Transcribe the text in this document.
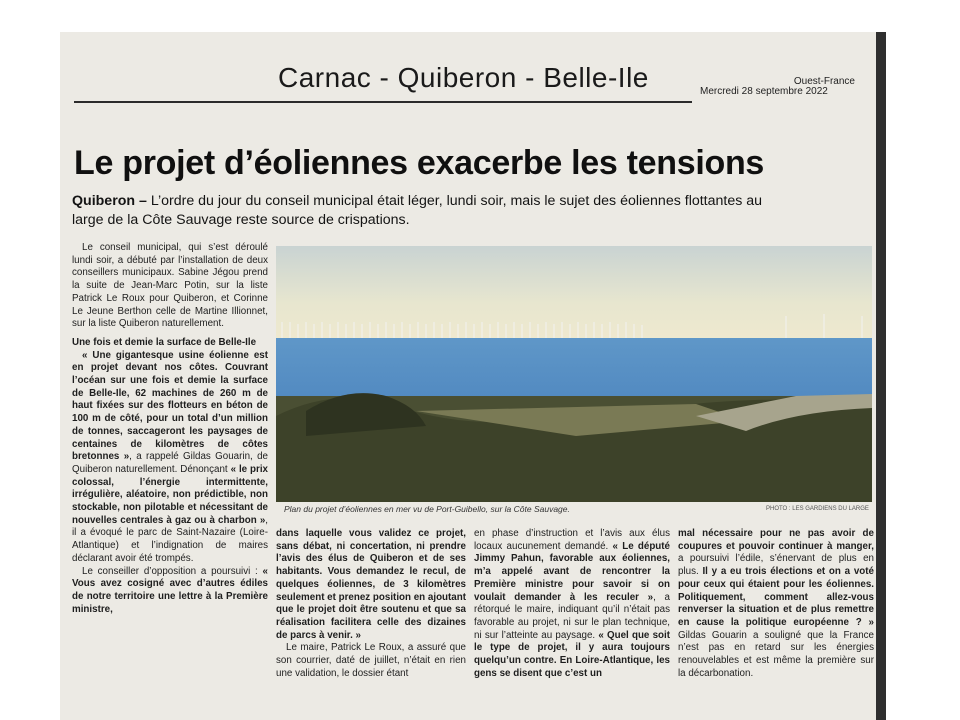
Carnac - Quiberon - Belle-Ile	Ouest-France
Mercredi 28 septembre 2022
Le projet d’éoliennes exacerbe les tensions
Quiberon – L’ordre du jour du conseil municipal était léger, lundi soir, mais le sujet des éoliennes flottantes au large de la Côte Sauvage reste source de crispations.

Le conseil municipal, qui s’est déroulé lundi soir, a débuté par l’installation de deux conseillers municipaux. Sabine Jégou prend la suite de Jean-Marc Potin, sur la liste Patrick Le Roux pour Quiberon, et Corinne Le Jeune Berthon celle de Martine Illionnet, sur la liste Quiberon naturellement.

Une fois et demie la surface de Belle-Ile

« Une gigantesque usine éolienne est en projet devant nos côtes. Couvrant l’océan sur une fois et demie la surface de Belle-Ile, 62 machines de 260 m de haut fixées sur des flotteurs en béton de 100 m de côté, pour un total d’un million de tonnes, saccageront les paysages de centaines de kilomètres de côtes bretonnes », a rappelé Gildas Gouarin, de Quiberon naturellement. Dénonçant « le prix colossal, l’énergie intermittente, irrégulière, aléatoire, non prédictible, non stockable, non pilotable et nécessitant de nouvelles centrales à gaz ou à charbon », il a évoqué le parc de Saint-Nazaire (Loire-Atlantique) et l’indignation de maires déclarant avoir été trompés.

Le conseiller d’opposition a poursuivi : « Vous avez cosigné avec d’autres édiles de notre territoire une lettre à la Première ministre,

Plan du projet d’éoliennes en mer vu de Port-Guibello, sur la Côte Sauvage.	PHOTO : LES GARDIENS DU LARGE

dans laquelle vous validez ce projet, sans débat, ni concertation, ni prendre l’avis des élus de Quiberon et de ses habitants. Vous demandez le recul, de quelques éoliennes, de 3 kilomètres seulement et prenez position en ajoutant que le projet doit être soutenu et que sa réalisation facilitera celle des dizaines de parcs à venir. »

Le maire, Patrick Le Roux, a assuré que son courrier, daté de juillet, n’était en rien une validation, le dossier étant

en phase d’instruction et l’avis aux élus locaux aucunement demandé. « Le député Jimmy Pahun, favorable aux éoliennes, m’a appelé avant de rencontrer la Première ministre pour savoir si on voulait demander à les reculer », a rétorqué le maire, indiquant qu’il n’était pas favorable au projet, ni sur le plan technique, ni sur l’atteinte au paysage. « Quel que soit le type de projet, il y aura toujours quelqu’un contre. En Loire-Atlantique, les gens se disent que c’est un

mal nécessaire pour ne pas avoir de coupures et pouvoir continuer à manger, a poursuivi l’édile, s’énervant de plus en plus. Il y a eu trois élections et on a voté pour ceux qui étaient pour les éoliennes. Politiquement, comment allez-vous renverser la situation et de plus remettre en cause la politique européenne ? » Gildas Gouarin a souligné que la France n’est pas en retard sur les énergies renouvelables et est même la première sur la décarbonation.
